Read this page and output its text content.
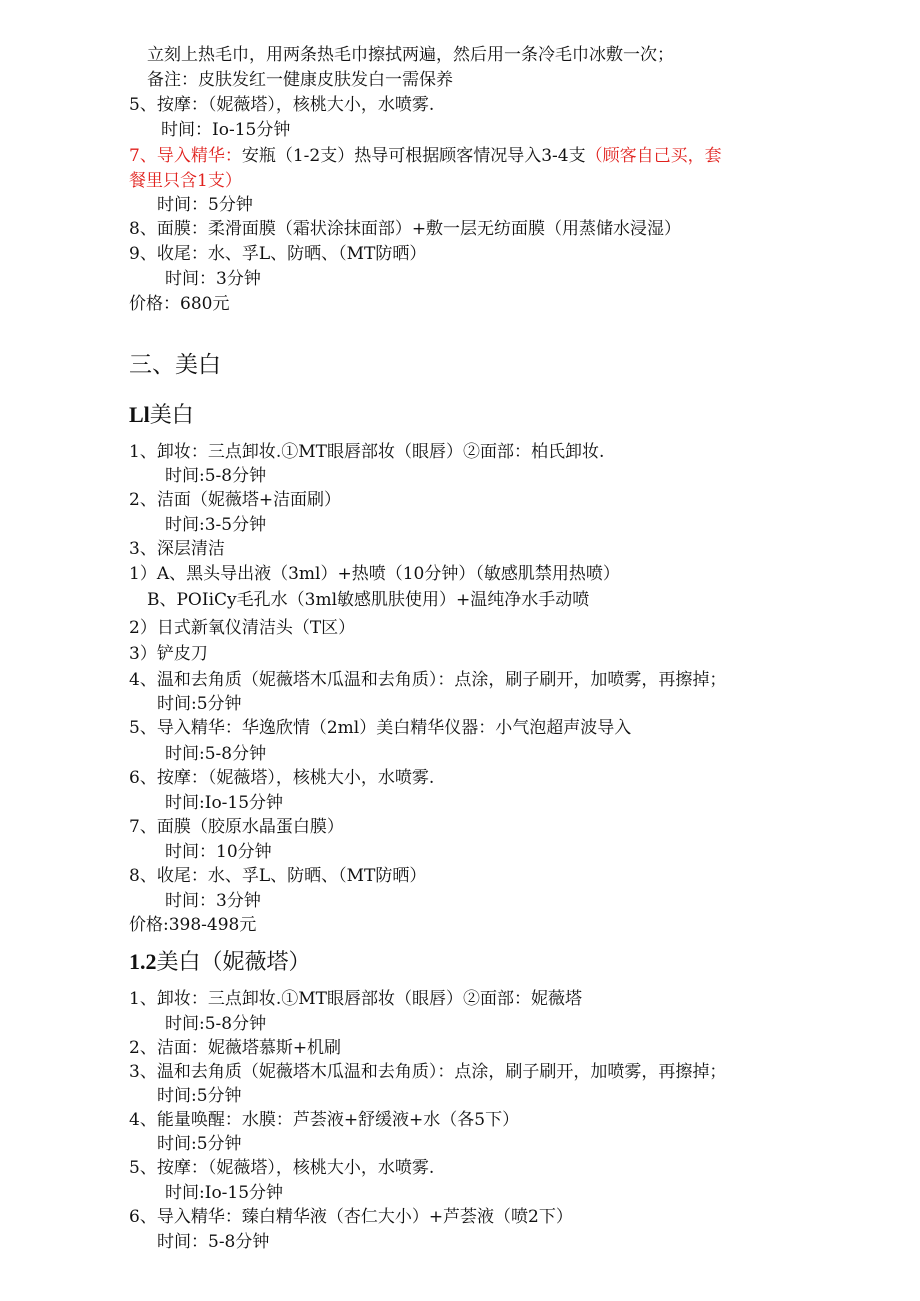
立刻上热毛巾，用两条热毛巾擦拭两遍，然后用一条冷毛巾冰敷一次；
备注：皮肤发红一健康皮肤发白一需保养
5、按摩：（妮薇塔），核桃大小，水喷雾.
时间：Io-15分钟
7、导入精华：安瓶（1-2支）热导可根据顾客情况导入3-4支（顾客自己买，套
餐里只含1支）
时间：5分钟
8、面膜：柔滑面膜（霜状涂抹面部）+敷一层无纺面膜（用蒸储水浸湿）
9、收尾：水、孚L、防晒、（MT防晒）
时间：3分钟
价格：680元
三、美白
Ll美白
1、卸妆：三点卸妆.①MT眼唇部妆（眼唇）②面部：柏氏卸妆.
时间:5-8分钟
2、洁面（妮薇塔+洁面刷）
时间:3-5分钟
3、深层清洁
1）A、黑头导出液（3ml）+热喷（10分钟）（敏感肌禁用热喷）
B、POIiCy毛孔水（3ml敏感肌肤使用）+温纯净水手动喷
2）日式新氧仪清洁头（T区）
3）铲皮刀
4、温和去角质（妮薇塔木瓜温和去角质）：点涂，刷子刷开，加喷雾，再擦掉；
时间:5分钟
5、导入精华：华逸欣情（2ml）美白精华仪器：小气泡超声波导入
时间:5-8分钟
6、按摩：（妮薇塔），核桃大小，水喷雾.
时间:Io-15分钟
7、面膜（胶原水晶蛋白膜）
时间：10分钟
8、收尾：水、孚L、防晒、（MT防晒）
时间：3分钟
价格:398-498元
1.2美白（妮薇塔）
1、卸妆：三点卸妆.①MT眼唇部妆（眼唇）②面部：妮薇塔
时间:5-8分钟
2、洁面：妮薇塔慕斯+机刷
3、温和去角质（妮薇塔木瓜温和去角质）：点涂，刷子刷开，加喷雾，再擦掉；
时间:5分钟
4、能量唤醒：水膜：芦荟液+舒缓液+水（各5下）
时间:5分钟
5、按摩：（妮薇塔），核桃大小，水喷雾.
时间:Io-15分钟
6、导入精华：臻白精华液（杏仁大小）+芦荟液（喷2下）
时间：5-8分钟
